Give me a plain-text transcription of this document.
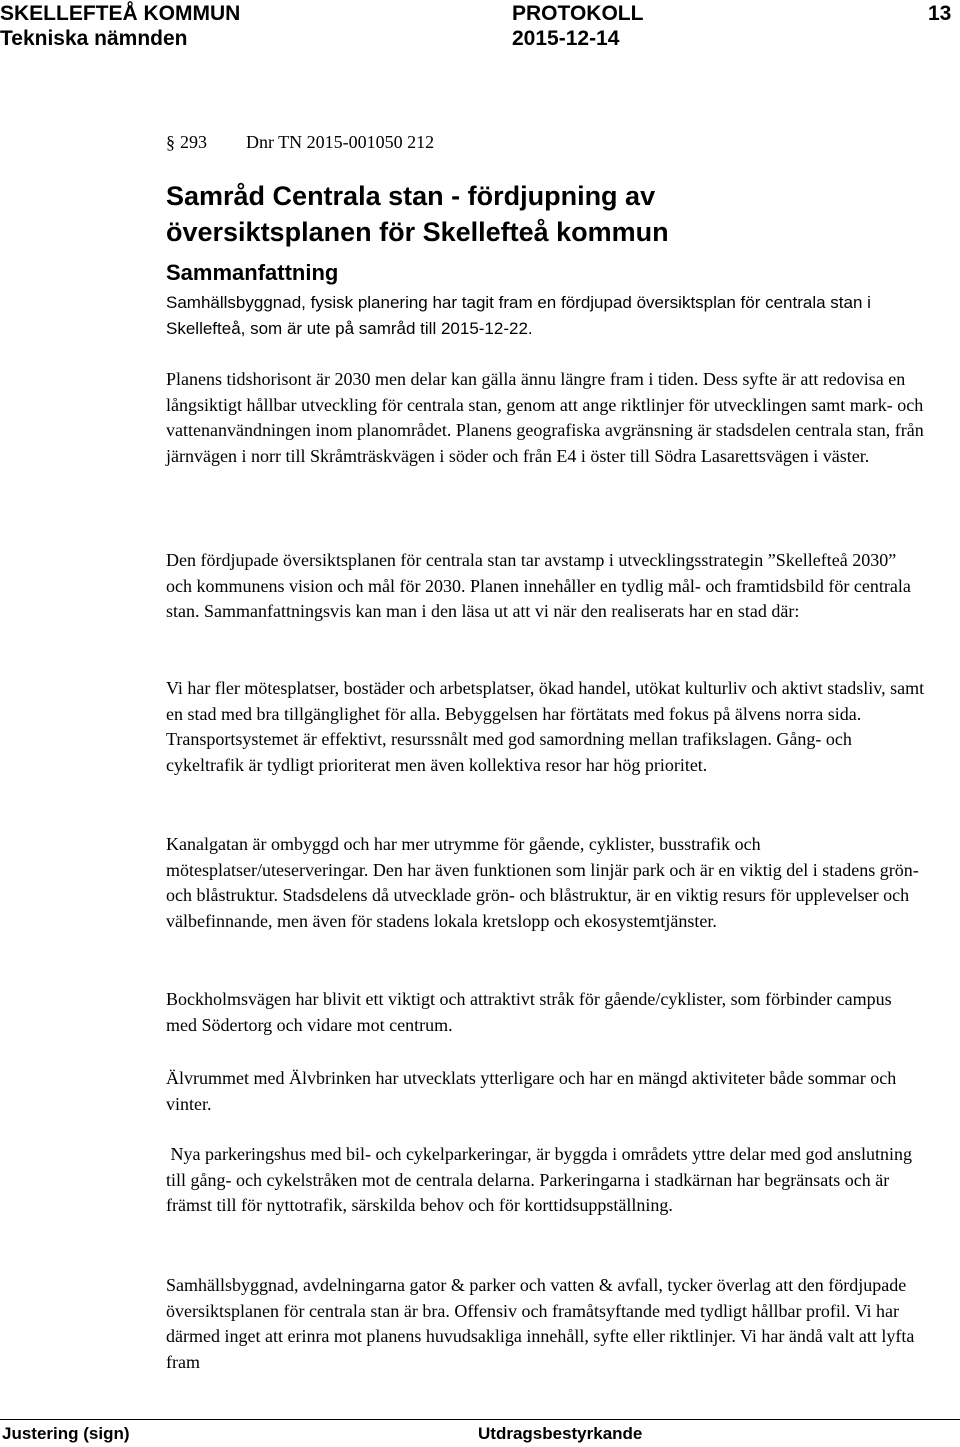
SKELLEFTEÅ KOMMUN	PROTOKOLL	13
Tekniska nämnden	2015-12-14
§ 293 Dnr TN 2015-001050 212
Samråd Centrala stan - fördjupning av
översiktsplanen för Skellefteå kommun
Sammanfattning
Samhällsbyggnad, fysisk planering har tagit fram en fördjupad översiktsplan för centrala stan i Skellefteå, som är ute på samråd till 2015-12-22.
Planens tidshorisont är 2030 men delar kan gälla ännu längre fram i tiden. Dess syfte är att redovisa en långsiktigt hållbar utveckling för centrala stan, genom att ange riktlinjer för utvecklingen samt mark- och vattenanvändningen inom planområdet. Planens geografiska avgränsning är stadsdelen centrala stan, från järnvägen i norr till Skråmträskvägen i söder och från E4 i öster till Södra Lasarettsvägen i väster.
Den fördjupade översiktsplanen för centrala stan tar avstamp i utvecklingsstrategin ”Skellefteå 2030” och kommunens vision och mål för 2030. Planen innehåller en tydlig mål- och framtidsbild för centrala stan. Sammanfattningsvis kan man i den läsa ut att vi när den realiserats har en stad där:
Vi har fler mötesplatser, bostäder och arbetsplatser, ökad handel, utökat kulturliv och aktivt stadsliv, samt en stad med bra tillgänglighet för alla. Bebyggelsen har förtätats med fokus på älvens norra sida. Transportsystemet är effektivt, resurssnålt med god samordning mellan trafikslagen. Gång- och cykeltrafik är tydligt prioriterat men även kollektiva resor har hög prioritet.
Kanalgatan är ombyggd och har mer utrymme för gående, cyklister, busstrafik och mötesplatser/uteserveringar. Den har även funktionen som linjär park och är en viktig del i stadens grön- och blåstruktur. Stadsdelens då utvecklade grön- och blåstruktur, är en viktig resurs för upplevelser och välbefinnande, men även för stadens lokala kretslopp och ekosystemtjänster.
Bockholmsvägen har blivit ett viktigt och attraktivt stråk för gående/cyklister, som förbinder campus med Södertorg och vidare mot centrum.
Älvrummet med Älvbrinken har utvecklats ytterligare och har en mängd aktiviteter både sommar och vinter.
Nya parkeringshus med bil- och cykelparkeringar, är byggda i områdets yttre delar med god anslutning till gång- och cykelstråken mot de centrala delarna. Parkeringarna i stadkärnan har begränsats och är främst till för nyttotrafik, särskilda behov och för korttidsuppställning.
Samhällsbyggnad, avdelningarna gator & parker och vatten & avfall, tycker överlag att den fördjupade översiktsplanen för centrala stan är bra. Offensiv och framåtsyftande med tydligt hållbar profil. Vi har därmed inget att erinra mot planens huvudsakliga innehåll, syfte eller riktlinjer. Vi har ändå valt att lyfta fram
Justering (sign)	Utdragsbestyrkande
